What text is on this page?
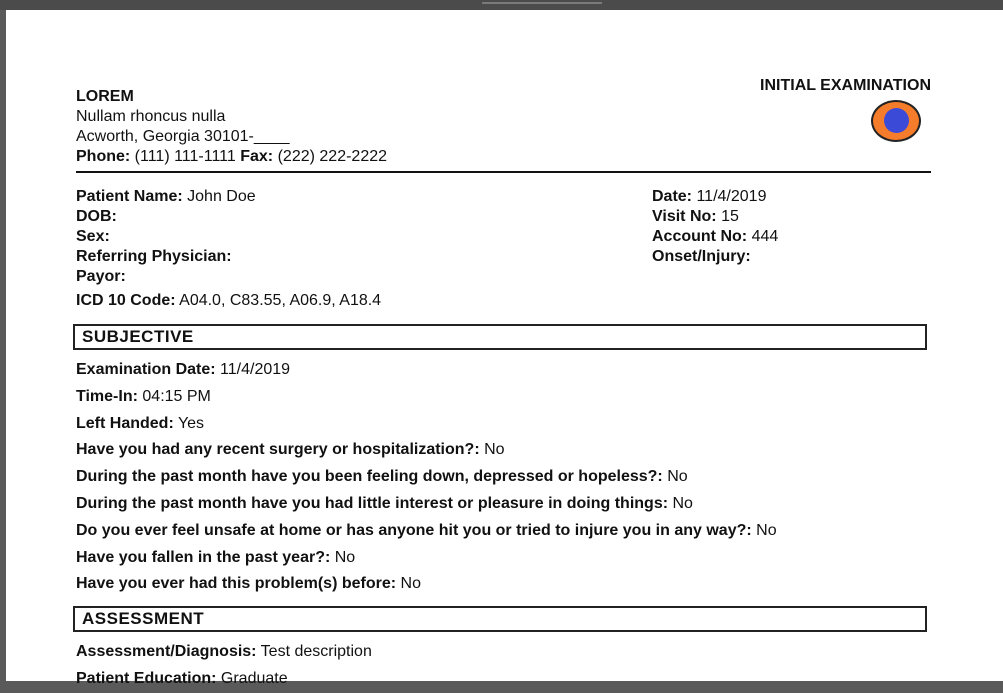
LOREM
Nullam rhoncus nulla
Acworth, Georgia 30101-____
Phone: (111) 111-1111 Fax: (222) 222-2222
INITIAL EXAMINATION
Patient Name: John Doe
DOB:
Sex:
Referring Physician:
Payor:
Date: 11/4/2019
Visit No: 15
Account No: 444
Onset/Injury:
ICD 10 Code: A04.0, C83.55, A06.9, A18.4
SUBJECTIVE
Examination Date: 11/4/2019
Time-In: 04:15 PM
Left Handed: Yes
Have you had any recent surgery or hospitalization?: No
During the past month have you been feeling down, depressed or hopeless?: No
During the past month have you had little interest or pleasure in doing things: No
Do you ever feel unsafe at home or has anyone hit you or tried to injure you in any way?: No
Have you fallen in the past year?: No
Have you ever had this problem(s) before: No
ASSESSMENT
Assessment/Diagnosis: Test description
Patient Education: Graduate
